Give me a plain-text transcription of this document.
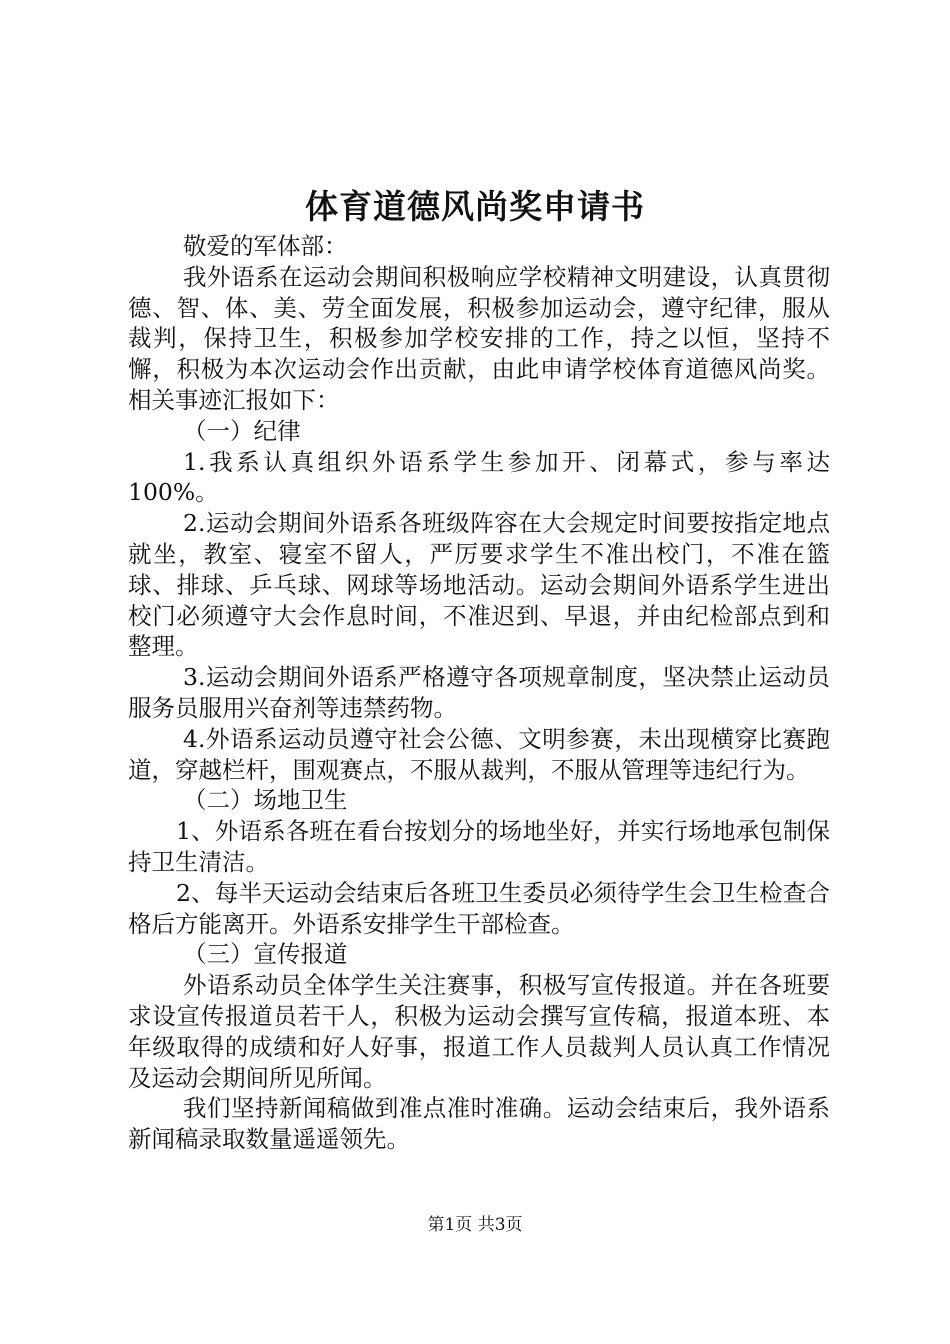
体育道德风尚奖申请书

敬爱的军体部：

我外语系在运动会期间积极响应学校精神文明建设，认真贯彻德、智、体、美、劳全面发展，积极参加运动会，遵守纪律，服从裁判，保持卫生，积极参加学校安排的工作，持之以恒，坚持不懈，积极为本次运动会作出贡献，由此申请学校体育道德风尚奖。相关事迹汇报如下：

（一）纪律

1.我系认真组织外语系学生参加开、闭幕式，参与率达100%。

2.运动会期间外语系各班级阵容在大会规定时间要按指定地点就坐，教室、寝室不留人，严厉要求学生不准出校门，不准在篮球、排球、乒乓球、网球等场地活动。运动会期间外语系学生进出校门必须遵守大会作息时间，不准迟到、早退，并由纪检部点到和整理。

3.运动会期间外语系严格遵守各项规章制度，坚决禁止运动员服务员服用兴奋剂等违禁药物。

4.外语系运动员遵守社会公德、文明参赛，未出现横穿比赛跑道，穿越栏杆，围观赛点，不服从裁判，不服从管理等违纪行为。

（二）场地卫生

1、外语系各班在看台按划分的场地坐好，并实行场地承包制保持卫生清洁。

2、每半天运动会结束后各班卫生委员必须待学生会卫生检查合格后方能离开。外语系安排学生干部检查。

（三）宣传报道

外语系动员全体学生关注赛事，积极写宣传报道。并在各班要求设宣传报道员若干人，积极为运动会撰写宣传稿，报道本班、本年级取得的成绩和好人好事，报道工作人员裁判人员认真工作情况及运动会期间所见所闻。

我们坚持新闻稿做到准点准时准确。运动会结束后，我外语系新闻稿录取数量遥遥领先。

第1页 共3页
